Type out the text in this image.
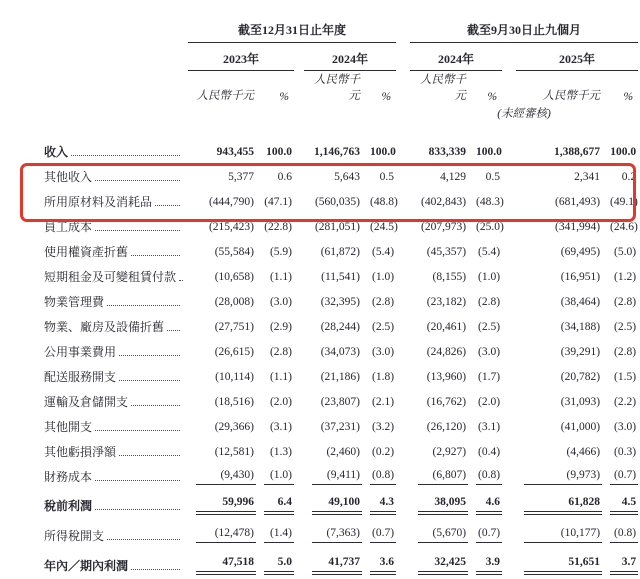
	截至12月31日止年度						截至9月30日止九個月				
	2023年			2024年			2024年			2025年	
	人民幣千元	%		人民幣千元	%		人民幣千元	%		人民幣千元	%
							(未經審核)				

收入	943,455	100.0		1,146,763	100.0		833,339	100.0		1,388,677	100.0

其他收入	5,377	0.6		5,643	0.5		4,129	0.5		2,341	0.2

所用原材料及消耗品	(444,790)	(47.1)		(560,035)	(48.8)		(402,843)	(48.3)		(681,493)	(49.1)

員工成本	(215,423)	(22.8)		(281,051)	(24.5)		(207,973)	(25.0)		(341,994)	(24.6)

使用權資產折舊	(55,584)	(5.9)		(61,872)	(5.4)		(45,357)	(5.4)		(69,495)	(5.0)

短期租金及可變租賃付款	(10,658)	(1.1)		(11,541)	(1.0)		(8,155)	(1.0)		(16,951)	(1.2)

物業管理費	(28,008)	(3.0)		(32,395)	(2.8)		(23,182)	(2.8)		(38,464)	(2.8)

物業、廠房及設備折舊	(27,751)	(2.9)		(28,244)	(2.5)		(20,461)	(2.5)		(34,188)	(2.5)

公用事業費用	(26,615)	(2.8)		(34,073)	(3.0)		(24,826)	(3.0)		(39,291)	(2.8)

配送服務開支	(10,114)	(1.1)		(21,186)	(1.8)		(13,960)	(1.7)		(20,782)	(1.5)

運輸及倉儲開支	(18,516)	(2.0)		(23,807)	(2.1)		(16,762)	(2.0)		(31,093)	(2.2)

其他開支	(29,366)	(3.1)		(37,231)	(3.2)		(26,120)	(3.1)		(41,000)	(3.0)

其他虧損淨額	(12,581)	(1.3)		(2,460)	(0.2)		(2,927)	(0.4)		(4,466)	(0.3)

財務成本	(9,430)	(1.0)		(9,411)	(0.8)		(6,807)	(0.8)		(9,973)	(0.7)

稅前利潤	59,996	6.4		49,100	4.3		38,095	4.6		61,828	4.5

所得稅開支	(12,478)	(1.4)		(7,363)	(0.7)		(5,670)	(0.7)		(10,177)	(0.8)

年內／期內利潤	47,518	5.0		41,737	3.6		32,425	3.9		51,651	3.7
